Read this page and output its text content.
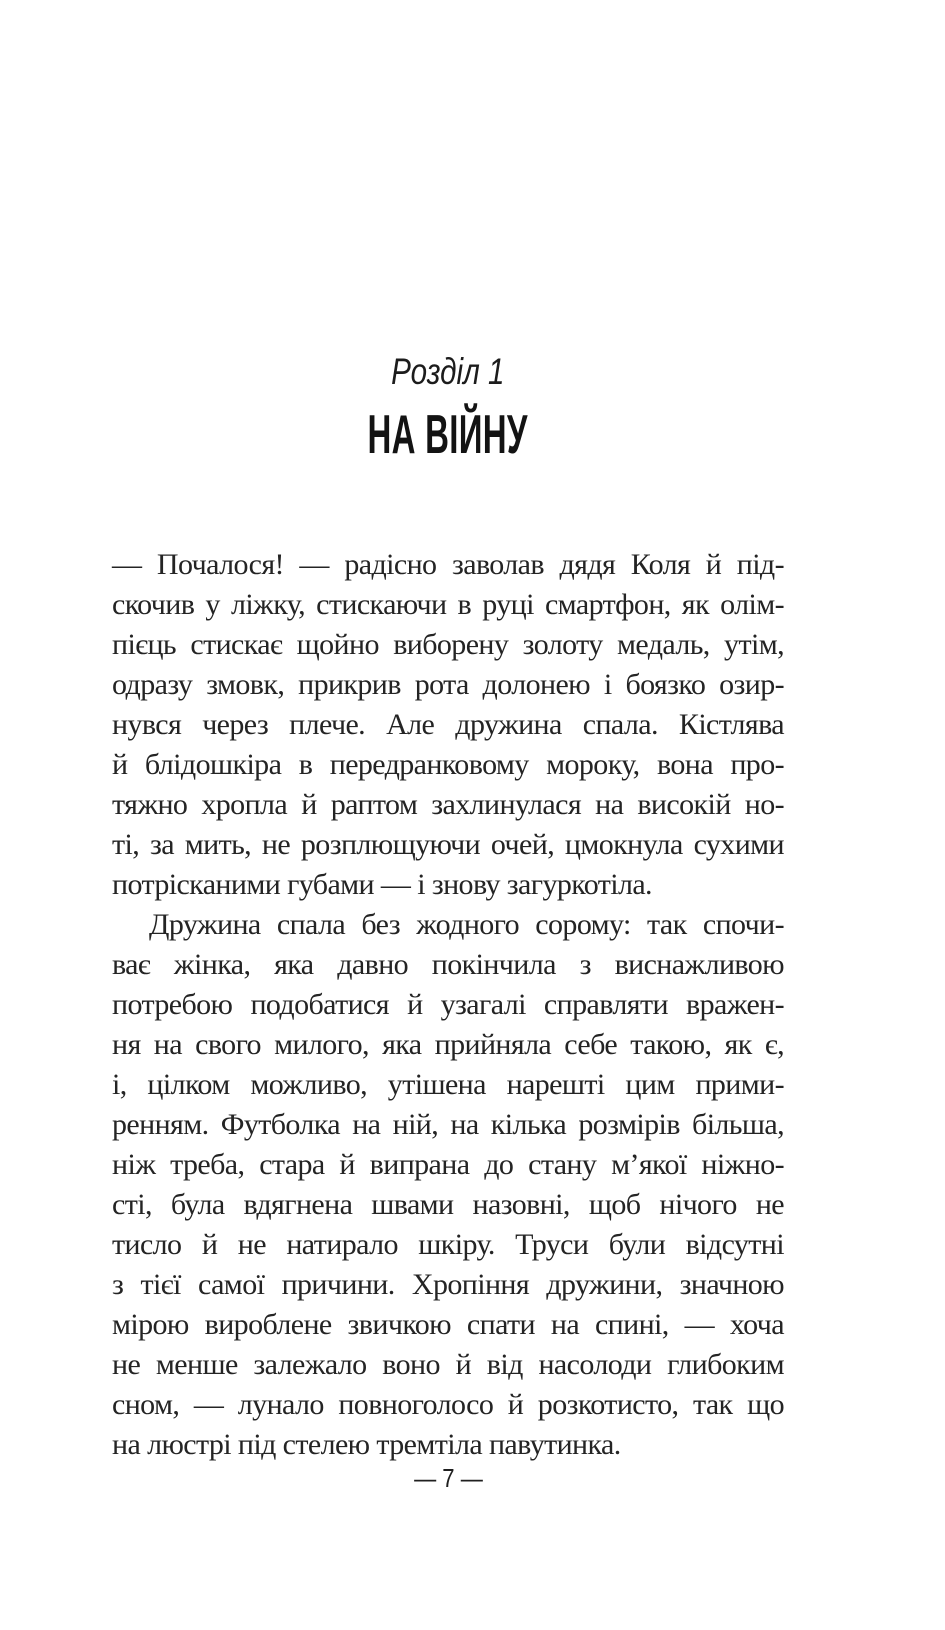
Розділ 1
НА ВІЙНУ

— Почалося! — радісно заволав дядя Коля й під-
скочив у ліжку, стискаючи в руці смартфон, як олім-
пієць стискає щойно виборену золоту медаль, утім,
одразу змовк, прикрив рота долонею і боязко озир-
нувся через плече. Але дружина спала. Кістлява
й блідошкіра в передранковому мороку, вона про-
тяжно хропла й раптом захлинулася на високій но-
ті, за мить, не розплющуючи очей, цмокнула сухими
потрісканими губами — і знову загуркотіла.

Дружина спала без жодного сорому: так спочи-
ває жінка, яка давно покінчила з виснажливою
потребою подобатися й узагалі справляти вражен-
ня на свого милого, яка прийняла себе такою, як є,
і, цілком можливо, утішена нарешті цим прими-
ренням. Футболка на ній, на кілька розмірів більша,
ніж треба, стара й випрана до стану м’якої ніжно-
сті, була вдягнена швами назовні, щоб нічого не
тисло й не натирало шкіру. Труси були відсутні
з тієї самої причини. Хропіння дружини, значною
мірою вироблене звичкою спати на спині, — хоча
не менше залежало воно й від насолоди глибоким
сном, — лунало повноголосо й розкотисто, так що
на люстрі під стелею тремтіла павутинка.

— 7 —
